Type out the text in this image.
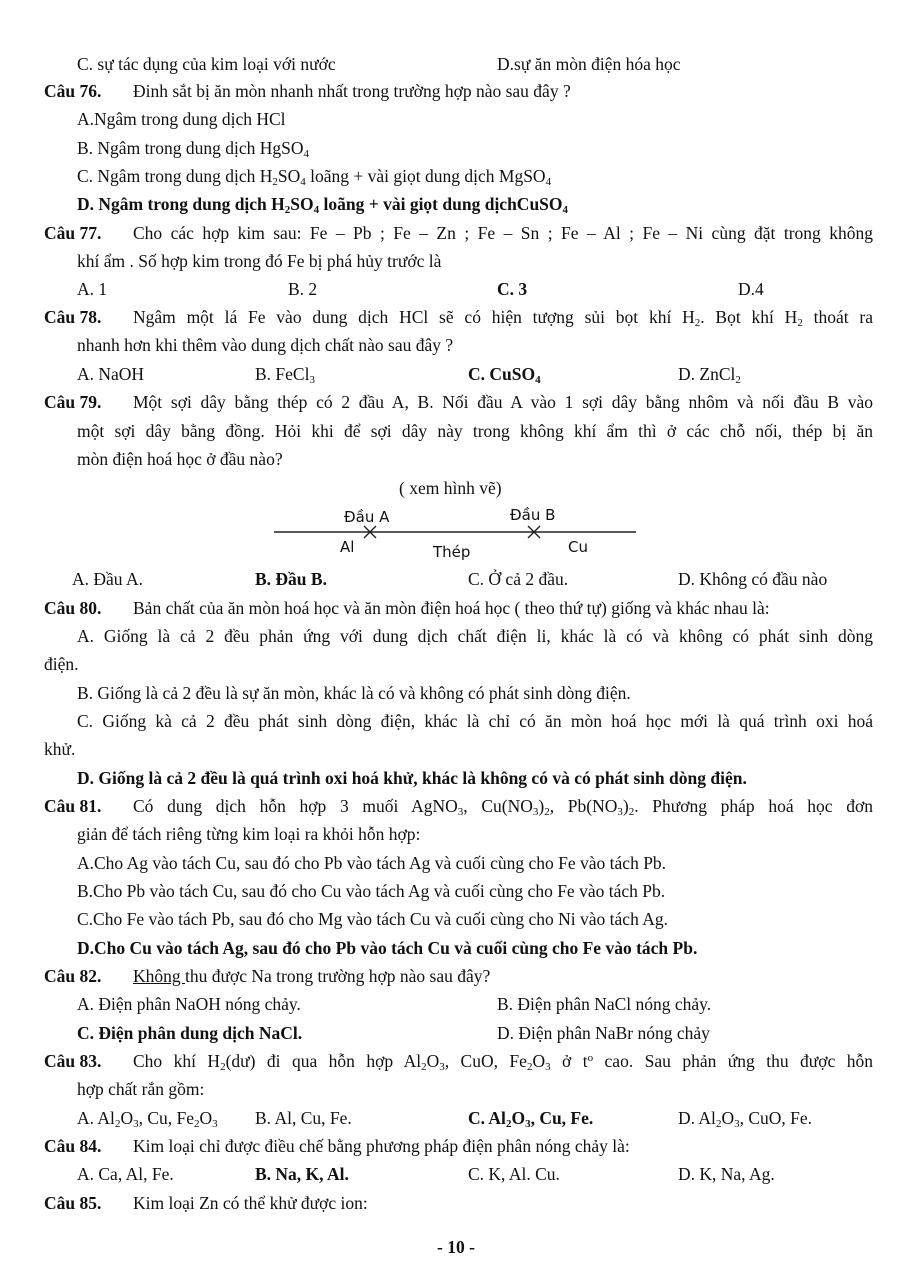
C. sự tác dụng của kim loại với nước	D.sự ăn mòn điện hóa học
Câu 76. Đinh sắt bị ăn mòn nhanh nhất trong trường hợp nào sau đây ?
A.Ngâm trong dung dịch HCl
B. Ngâm trong dung dịch HgSO$_4$
C. Ngâm trong dung dịch $H_2SO_4$ loãng + vài giọt dung dịch MgSO$_4$
D. Ngâm trong dung dịch $H_2SO_4$ loãng + vài giọt dung dịchCuSO$_4$
Câu 77. Cho các hợp kim sau: Fe – Pb ; Fe – Zn ; Fe – Sn ; Fe – Al ; Fe – Ni cùng đặt trong không
khí ẩm . Số hợp kim trong đó Fe bị phá hủy trước là
A. 1	B. 2	C. 3	D.4
Câu 78. Ngâm một lá Fe vào dung dịch HCl sẽ có hiện tượng sủi bọt khí $H_2$. Bọt khí $H_2$ thoát ra
nhanh hơn khi thêm vào dung dịch chất nào sau đây ?
A. NaOH	B. FeCl$_3$	C. CuSO$_4$	D. ZnCl$_2$
Câu 79. Một sợi dây bằng thép có 2 đầu A, B. Nối đầu A vào 1 sợi dây bằng nhôm và nối đầu B vào
một sợi dây bằng đồng. Hỏi khi để sợi dây này trong không khí ẩm thì ở các chỗ nối, thép bị ăn
mòn điện hoá học ở đầu nào?
( xem hình vẽ)
Đầu A	Đầu B
Al	Thép	Cu
A. Đầu A.	B. Đầu B.	C. Ở cả 2 đầu.	D. Không có đầu nào
Câu 80. Bản chất của ăn mòn hoá học và ăn mòn điện hoá học ( theo thứ tự) giống và khác nhau là:
A. Giống là cả 2 đều phản ứng với dung dịch chất điện li, khác là có và không có phát sinh dòng
điện.
B. Giống là cả 2 đều là sự ăn mòn, khác là có và không có phát sinh dòng điện.
C. Giống kà cả 2 đều phát sinh dòng điện, khác là chỉ có ăn mòn hoá học mới là quá trình oxi hoá
khử.
D. Giống là cả 2 đều là quá trình oxi hoá khử, khác là không có và có phát sinh dòng điện.
Câu 81. Có dung dịch hỗn hợp 3 muối AgNO$_3$, $Cu(NO_3)_2$, $Pb(NO_3)_2$. Phương pháp hoá học đơn
giản để tách riêng từng kim loại ra khỏi hỗn hợp:
A.Cho Ag vào tách Cu, sau đó cho Pb vào tách Ag và cuối cùng cho Fe vào tách Pb.
B.Cho Pb vào tách Cu, sau đó cho Cu vào tách Ag và cuối cùng cho Fe vào tách Pb.
C.Cho Fe vào tách Pb, sau đó cho Mg vào tách Cu và cuối cùng cho Ni vào tách Ag.
D.Cho Cu vào tách Ag, sau đó cho Pb vào tách Cu và cuối cùng cho Fe vào tách Pb.
Câu 82. Không thu được Na trong trường hợp nào sau đây?
A. Điện phân NaOH nóng chảy.	B. Điện phân NaCl nóng chảy.
C. Điện phân dung dịch NaCl.	D. Điện phân NaBr nóng chảy
Câu 83. Cho khí $H_2(dư)$ đi qua hỗn hợp $Al_2O_3$, CuO, $Fe_2O_3$ ở $t^o$ cao. Sau phản ứng thu được hỗn
hợp chất rắn gồm:
A. $Al_2O_3$, Cu, $Fe_2O_3$ B. Al, Cu, Fe.	C. $Al_2O_3$, Cu, Fe.	D. $Al_2O_3$, CuO, Fe.
Câu 84. Kim loại chỉ được điều chế bằng phương pháp điện phân nóng chảy là:
A. Ca, Al, Fe.	B. Na, K, Al.	C. K, Al. Cu.	D. K, Na, Ag.
Câu 85. Kim loại Zn có thể khử được ion:
- 10 -
